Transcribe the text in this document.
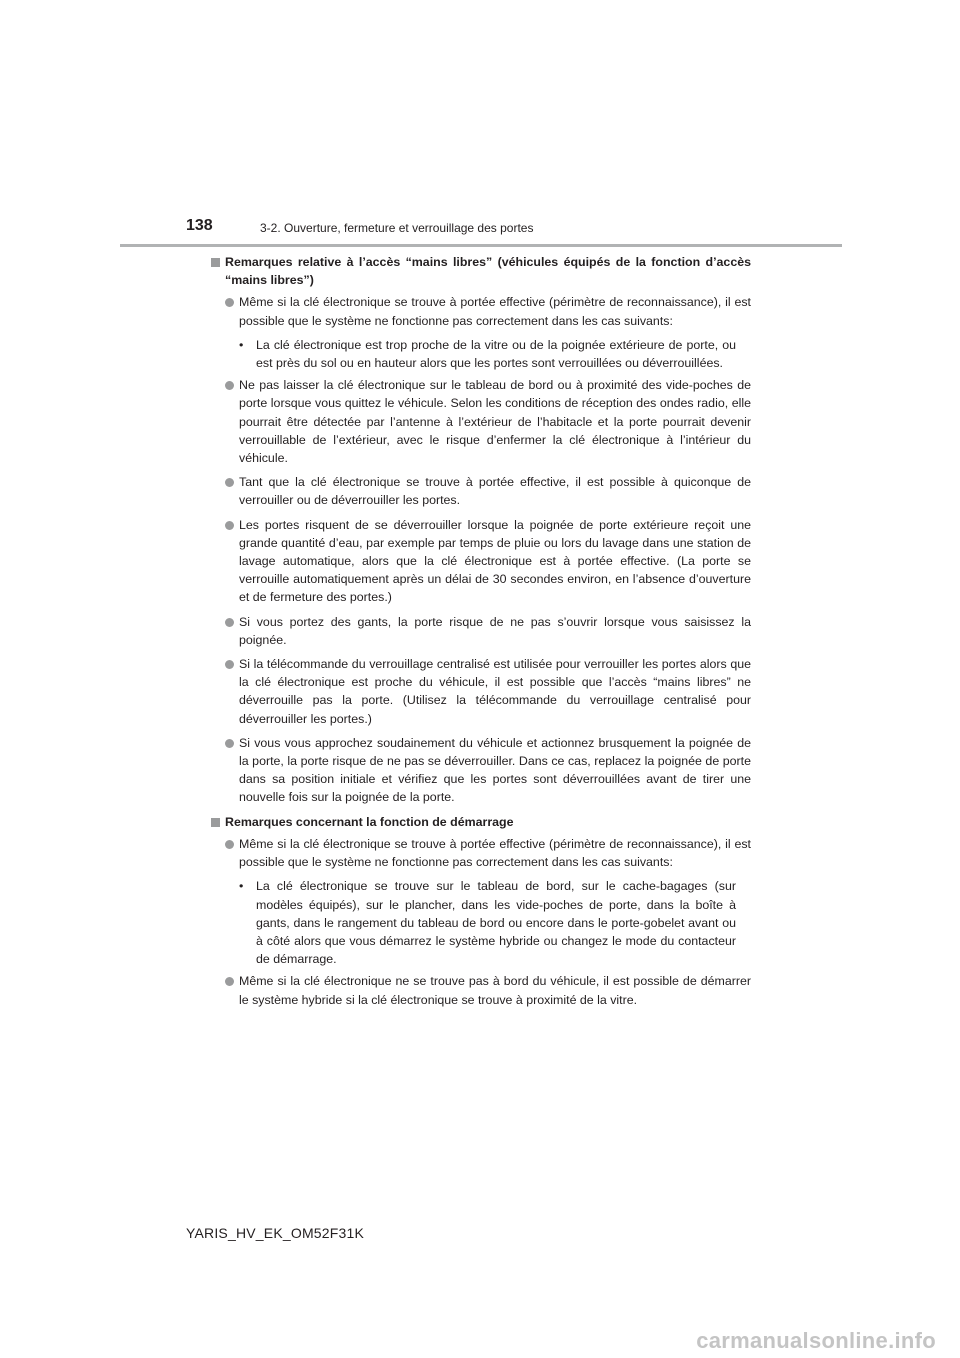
138	3-2. Ouverture, fermeture et verrouillage des portes
Remarques relative à l’accès “mains libres” (véhicules équipés de la fonction d’accès “mains libres”)
Même si la clé électronique se trouve à portée effective (périmètre de reconnaissance), il est possible que le système ne fonctionne pas correctement dans les cas suivants:
• La clé électronique est trop proche de la vitre ou de la poignée extérieure de porte, ou est près du sol ou en hauteur alors que les portes sont verrouillées ou déverrouillées.
Ne pas laisser la clé électronique sur le tableau de bord ou à proximité des vide-poches de porte lorsque vous quittez le véhicule. Selon les conditions de réception des ondes radio, elle pourrait être détectée par l’antenne à l’extérieur de l’habitacle et la porte pourrait devenir verrouillable de l’extérieur, avec le risque d’enfermer la clé électronique à l’intérieur du véhicule.
Tant que la clé électronique se trouve à portée effective, il est possible à quiconque de verrouiller ou de déverrouiller les portes.
Les portes risquent de se déverrouiller lorsque la poignée de porte extérieure reçoit une grande quantité d’eau, par exemple par temps de pluie ou lors du lavage dans une station de lavage automatique, alors que la clé électronique est à portée effective. (La porte se verrouille automatiquement après un délai de 30 secondes environ, en l’absence d’ouverture et de fermeture des portes.)
Si vous portez des gants, la porte risque de ne pas s’ouvrir lorsque vous saisissez la poignée.
Si la télécommande du verrouillage centralisé est utilisée pour verrouiller les portes alors que la clé électronique est proche du véhicule, il est possible que l’accès “mains libres” ne déverrouille pas la porte. (Utilisez la télécommande du verrouillage centralisé pour déverrouiller les portes.)
Si vous vous approchez soudainement du véhicule et actionnez brusquement la poignée de la porte, la porte risque de ne pas se déverrouiller. Dans ce cas, replacez la poignée de porte dans sa position initiale et vérifiez que les portes sont déverrouillées avant de tirer une nouvelle fois sur la poignée de la porte.
Remarques concernant la fonction de démarrage
Même si la clé électronique se trouve à portée effective (périmètre de reconnaissance), il est possible que le système ne fonctionne pas correctement dans les cas suivants:
• La clé électronique se trouve sur le tableau de bord, sur le cache-bagages (sur modèles équipés), sur le plancher, dans les vide-poches de porte, dans la boîte à gants, dans le rangement du tableau de bord ou encore dans le porte-gobelet avant ou à côté alors que vous démarrez le système hybride ou changez le mode du contacteur de démarrage.
Même si la clé électronique ne se trouve pas à bord du véhicule, il est possible de démarrer le système hybride si la clé électronique se trouve à proximité de la vitre.
YARIS_HV_EK_OM52F31K
carmanualsonline.info
